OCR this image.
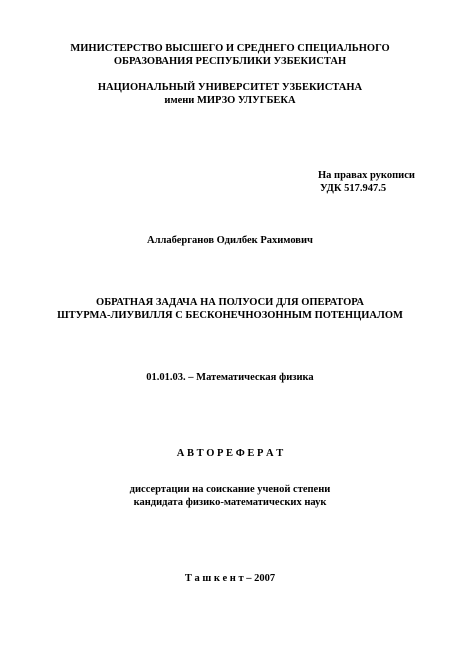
МИНИСТЕРСТВО ВЫСШЕГО И СРЕДНЕГО СПЕЦИАЛЬНОГО
ОБРАЗОВАНИЯ РЕСПУБЛИКИ УЗБЕКИСТАН
НАЦИОНАЛЬНЫЙ УНИВЕРСИТЕТ УЗБЕКИСТАНА
имени МИРЗО УЛУГБЕКА
На правах рукописи
УДК 517.947.5
Аллаберганов Одилбек Рахимович
ОБРАТНАЯ ЗАДАЧА НА ПОЛУОСИ ДЛЯ ОПЕРАТОРА
ШТУРМА-ЛИУВИЛЛЯ С БЕСКОНЕЧНОЗОННЫМ ПОТЕНЦИАЛОМ
01.01.03. – Математическая физика
А В Т О Р Е Ф Е Р А Т
диссертации на соискание ученой степени
кандидата физико-математических наук
Т а ш к е н т – 2007
